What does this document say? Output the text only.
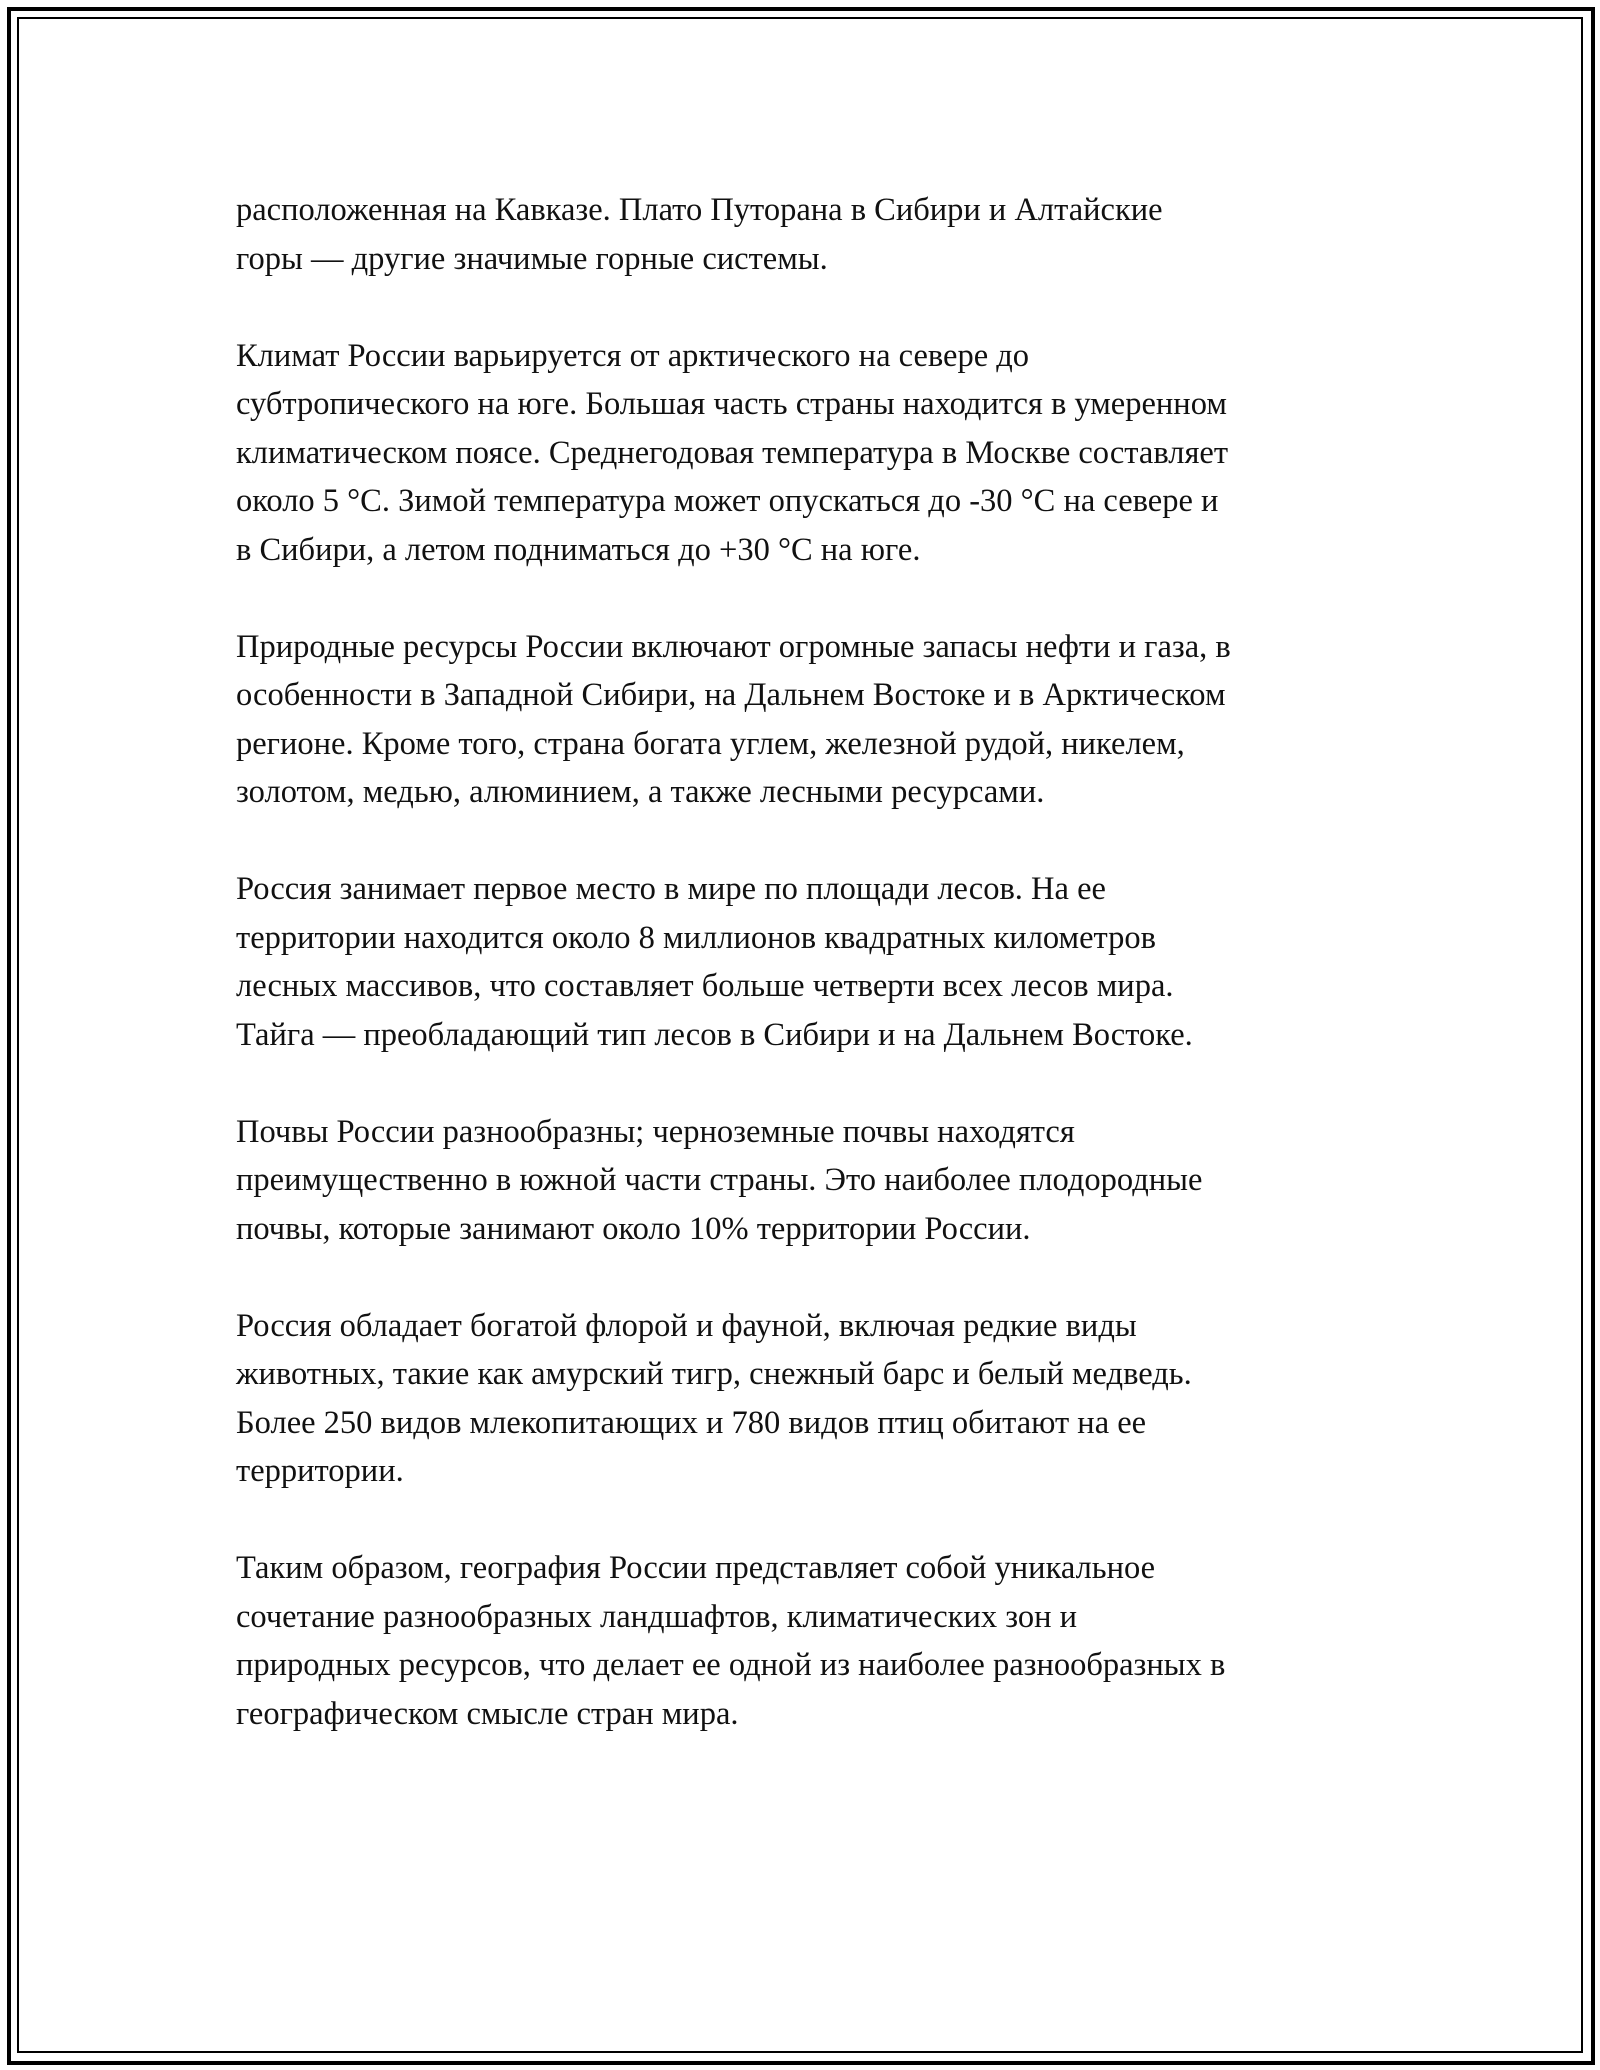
расположенная на Кавказе. Плато Путорана в Сибири и Алтайские
горы — другие значимые горные системы.

Климат России варьируется от арктического на севере до
субтропического на юге. Большая часть страны находится в умеренном
климатическом поясе. Среднегодовая температура в Москве составляет
около 5 °C. Зимой температура может опускаться до -30 °C на севере и
в Сибири, а летом подниматься до +30 °C на юге.

Природные ресурсы России включают огромные запасы нефти и газа, в
особенности в Западной Сибири, на Дальнем Востоке и в Арктическом
регионе. Кроме того, страна богата углем, железной рудой, никелем,
золотом, медью, алюминием, а также лесными ресурсами.

Россия занимает первое место в мире по площади лесов. На ее
территории находится около 8 миллионов квадратных километров
лесных массивов, что составляет больше четверти всех лесов мира.
Тайга — преобладающий тип лесов в Сибири и на Дальнем Востоке.

Почвы России разнообразны; черноземные почвы находятся
преимущественно в южной части страны. Это наиболее плодородные
почвы, которые занимают около 10% территории России.

Россия обладает богатой флорой и фауной, включая редкие виды
животных, такие как амурский тигр, снежный барс и белый медведь.
Более 250 видов млекопитающих и 780 видов птиц обитают на ее
территории.

Таким образом, география России представляет собой уникальное
сочетание разнообразных ландшафтов, климатических зон и
природных ресурсов, что делает ее одной из наиболее разнообразных в
географическом смысле стран мира.
